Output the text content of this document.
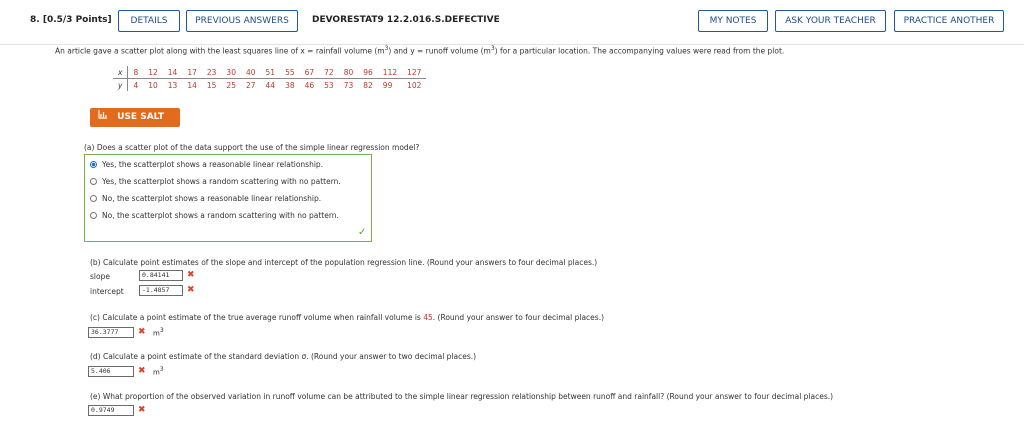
8. [0.5/3 Points]	DETAILS	PREVIOUS ANSWERS	DEVORESTAT9 12.2.016.S.DEFECTIVE	MY NOTES	ASK YOUR TEACHER	PRACTICE ANOTHER
An article gave a scatter plot along with the least squares line of x = rainfall volume $(m^3)$ and y = runoff volume $(m^3)$ for a particular location. The accompanying values were read from the plot.
x	8	12	14	17	23	30	40	51	55	67	72	80	96	112	127
y	4	10	13	14	15	25	27	44	38	46	53	73	82	99	102
USE SALT
(a) Does a scatter plot of the data support the use of the simple linear regression model?
Yes, the scatterplot shows a reasonable linear relationship.
Yes, the scatterplot shows a random scattering with no pattern.
No, the scatterplot shows a reasonable linear relationship.
No, the scatterplot shows a random scattering with no pattern.
✓
(b) Calculate point estimates of the slope and intercept of the population regression line. (Round your answers to four decimal places.)
slope	0.84141	✖
intercept	-1.4857	✖
(c) Calculate a point estimate of the true average runoff volume when rainfall volume is 45. (Round your answer to four decimal places.)
36.3777	✖ $m^3$
(d) Calculate a point estimate of the standard deviation σ. (Round your answer to two decimal places.)
5.406	✖ $m^3$
(e) What proportion of the observed variation in runoff volume can be attributed to the simple linear regression relationship between runoff and rainfall? (Round your answer to four decimal places.)
0.9749	✖
